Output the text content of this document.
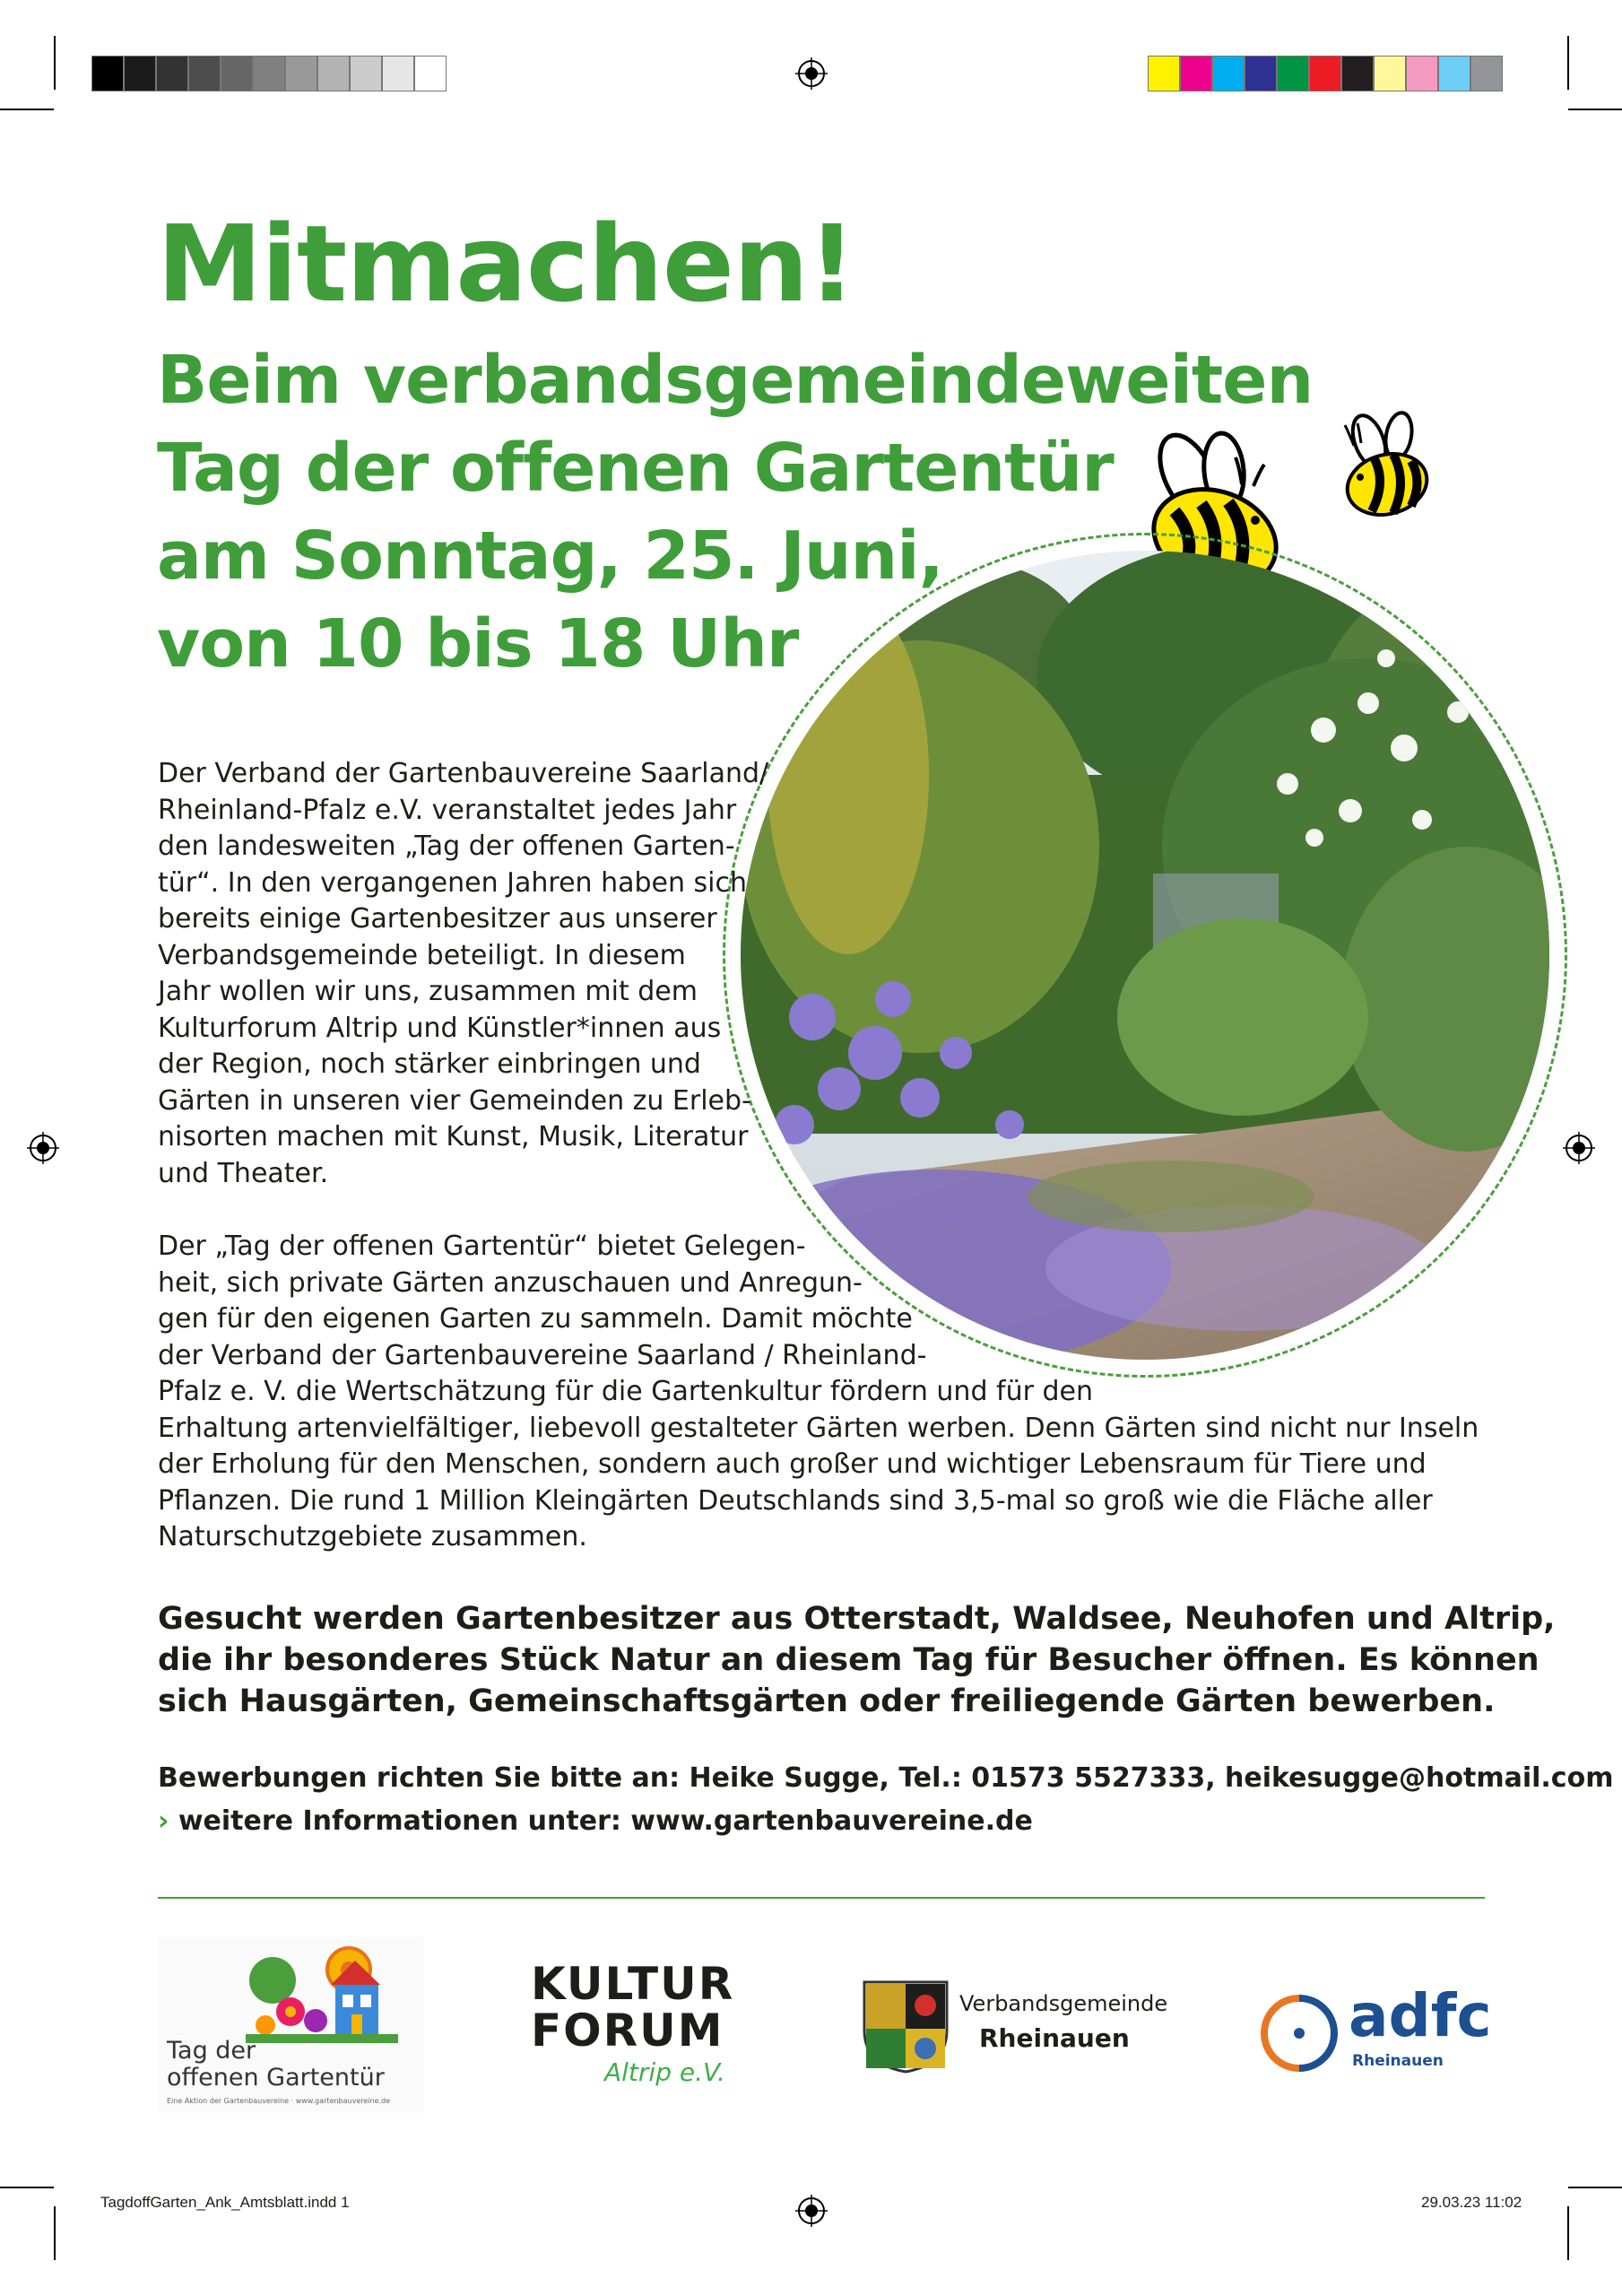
Mitmachen!
Beim verbandsgemeindeweiten
Tag der offenen Gartentür
am Sonntag, 25. Juni,
von 10 bis 18 Uhr
Der Verband der Gartenbauvereine Saarland/
Rheinland-Pfalz e.V. veranstaltet jedes Jahr
den landesweiten „Tag der offenen Garten-
tür“. In den vergangenen Jahren haben sich
bereits einige Gartenbesitzer aus unserer
Verbandsgemeinde beteiligt. In diesem
Jahr wollen wir uns, zusammen mit dem
Kulturforum Altrip und Künstler*innen aus
der Region, noch stärker einbringen und
Gärten in unseren vier Gemeinden zu Erleb-
nisorten machen mit Kunst, Musik, Literatur
und Theater.
Der „Tag der offenen Gartentür“ bietet Gelegen-
heit, sich private Gärten anzuschauen und Anregun-
gen für den eigenen Garten zu sammeln. Damit möchte
der Verband der Gartenbauvereine Saarland / Rheinland-
Pfalz e. V. die Wertschätzung für die Gartenkultur fördern und für den
Erhaltung artenvielfältiger, liebevoll gestalteter Gärten werben. Denn Gärten sind nicht nur Inseln
der Erholung für den Menschen, sondern auch großer und wichtiger Lebensraum für Tiere und
Pflanzen. Die rund 1 Million Kleingärten Deutschlands sind 3,5-mal so groß wie die Fläche aller
Naturschutzgebiete zusammen.
Gesucht werden Gartenbesitzer aus Otterstadt, Waldsee, Neuhofen und Altrip,
die ihr besonderes Stück Natur an diesem Tag für Besucher öffnen. Es können
sich Hausgärten, Gemeinschaftsgärten oder freiliegende Gärten bewerben.
Bewerbungen richten Sie bitte an: Heike Sugge, Tel.: 01573 5527333, heikesugge@hotmail.com
› weitere Informationen unter: www.gartenbauvereine.de
Tag der
offenen Gartentür
Eine Aktion der Gartenbauvereine · www.gartenbauvereine.de
KULTUR
FORUM
Altrip e.V.
Verbandsgemeinde
Rheinauen	adfc
Rheinauen
TagdoffGarten_Ank_Amtsblatt.indd 1	29.03.23 11:02
